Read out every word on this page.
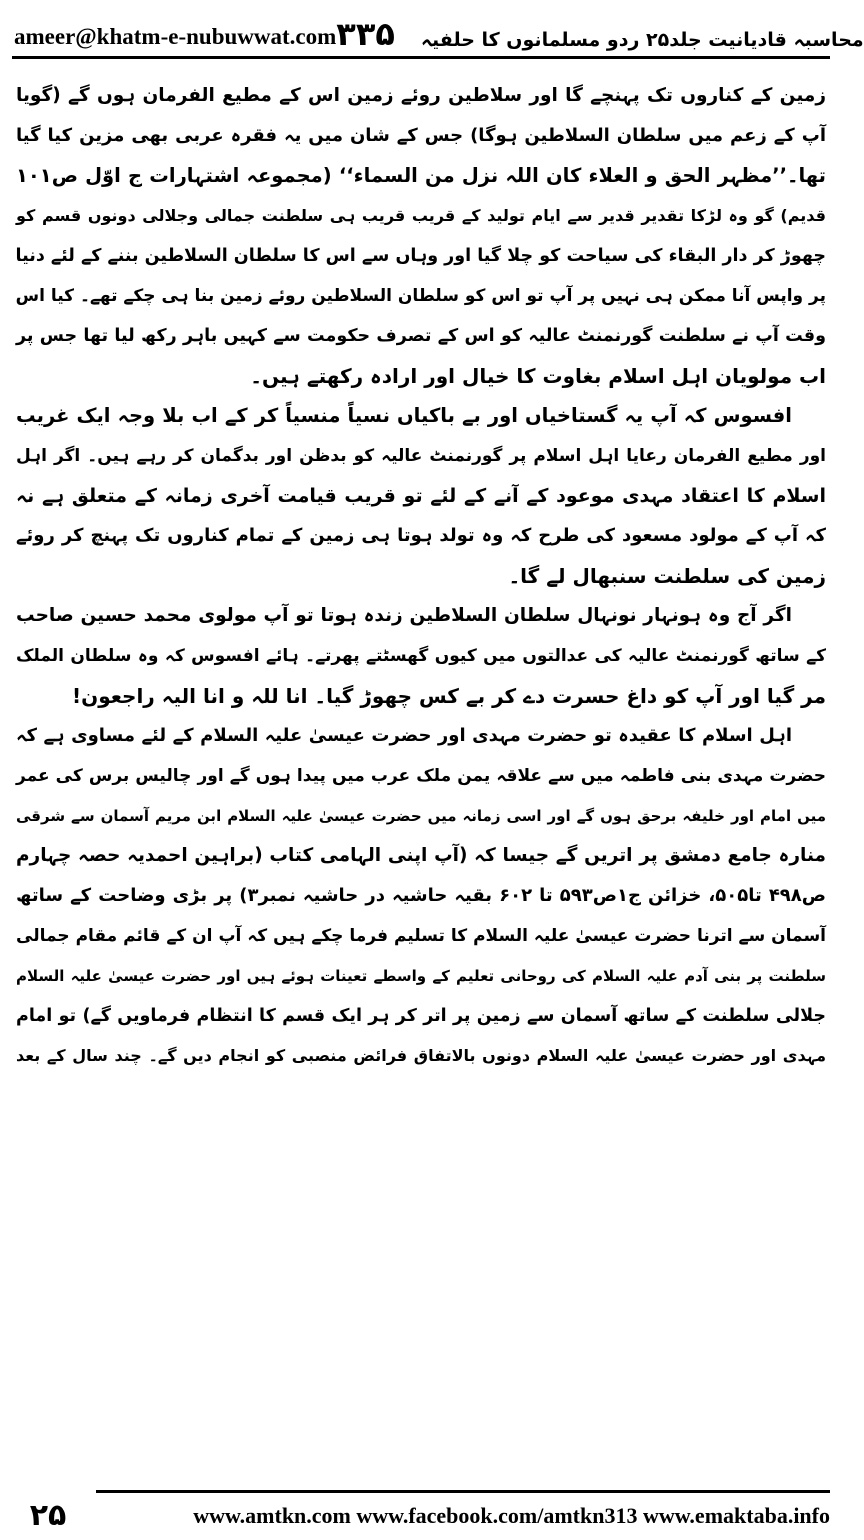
ameer@khatm-e-nubuwwat.com	محاسبہ قادیانیت جلد۲۵ ردو مسلمانوں کا حلفیہ
۳۳۵
زمین کے کناروں تک پہنچے گا اور سلاطین روئے زمین اس کے مطیع الفرمان ہوں گے (گویا
آپ کے زعم میں سلطان السلاطین ہوگا) جس کے شان میں یہ فقرہ عربی بھی مزین کیا گیا
تھا۔’’مظہر الحق و العلاء کان اللہ نزل من السماء‘‘ (مجموعہ اشتہارات ج اوّل ص۱۰۱
قدیم) گو وہ لڑکا تقدیر قدیر سے ایام تولید کے قریب قریب ہی سلطنت جمالی وجلالی دونوں قسم کو
چھوڑ کر دار البقاء کی سیاحت کو چلا گیا اور وہاں سے اس کا سلطان السلاطین بننے کے لئے دنیا
پر واپس آنا ممکن ہی نہیں پر آپ تو اس کو سلطان السلاطین روئے زمین بنا ہی چکے تھے۔ کیا اس
وقت آپ نے سلطنت گورنمنٹ عالیہ کو اس کے تصرف حکومت سے کہیں باہر رکھ لیا تھا جس پر
اب مولویان اہل اسلام بغاوت کا خیال اور ارادہ رکھتے ہیں۔
افسوس کہ آپ یہ گستاخیاں اور بے باکیاں نسیاً منسیاً کر کے اب بلا وجہ ایک غریب
اور مطیع الفرمان رعایا اہل اسلام پر گورنمنٹ عالیہ کو بدظن اور بدگمان کر رہے ہیں۔ اگر اہل
اسلام کا اعتقاد مہدی موعود کے آنے کے لئے تو قریب قیامت آخری زمانہ کے متعلق ہے نہ
کہ آپ کے مولود مسعود کی طرح کہ وہ تولد ہوتا ہی زمین کے تمام کناروں تک پہنچ کر روئے
زمین کی سلطنت سنبھال لے گا۔
اگر آج وہ ہونہار نونہال سلطان السلاطین زندہ ہوتا تو آپ مولوی محمد حسین صاحب
کے ساتھ گورنمنٹ عالیہ کی عدالتوں میں کیوں گھسٹتے پھرتے۔ ہائے افسوس کہ وہ سلطان الملک
مر گیا اور آپ کو داغ حسرت دے کر بے کس چھوڑ گیا۔ انا للہ و انا الیہ راجعون!
اہل اسلام کا عقیدہ تو حضرت مہدی اور حضرت عیسیٰ علیہ السلام کے لئے مساوی ہے کہ
حضرت مہدی بنی فاطمہ میں سے علاقہ یمن ملک عرب میں پیدا ہوں گے اور چالیس برس کی عمر
میں امام اور خلیفہ برحق ہوں گے اور اسی زمانہ میں حضرت عیسیٰ علیہ السلام ابن مریم آسمان سے شرقی
منارہ جامع دمشق پر اتریں گے جیسا کہ (آپ اپنی الہامی کتاب (براہین احمدیہ حصہ چہارم
ص۴۹۸ تا۵۰۵، خزائن ج۱ص۵۹۳ تا ۶۰۲ بقیہ حاشیہ در حاشیہ نمبر۳) پر بڑی وضاحت کے ساتھ
آسمان سے اترنا حضرت عیسیٰ علیہ السلام کا تسلیم فرما چکے ہیں کہ آپ ان کے قائم مقام جمالی
سلطنت پر بنی آدم علیہ السلام کی روحانی تعلیم کے واسطے تعینات ہوئے ہیں اور حضرت عیسیٰ علیہ السلام
جلالی سلطنت کے ساتھ آسمان سے زمین پر اتر کر ہر ایک قسم کا انتظام فرماویں گے) تو امام
مہدی اور حضرت عیسیٰ علیہ السلام دونوں بالاتفاق فرائض منصبی کو انجام دیں گے۔ چند سال کے بعد
۲۵	www.amtkn.com www.facebook.com/amtkn313 www.emaktaba.info
